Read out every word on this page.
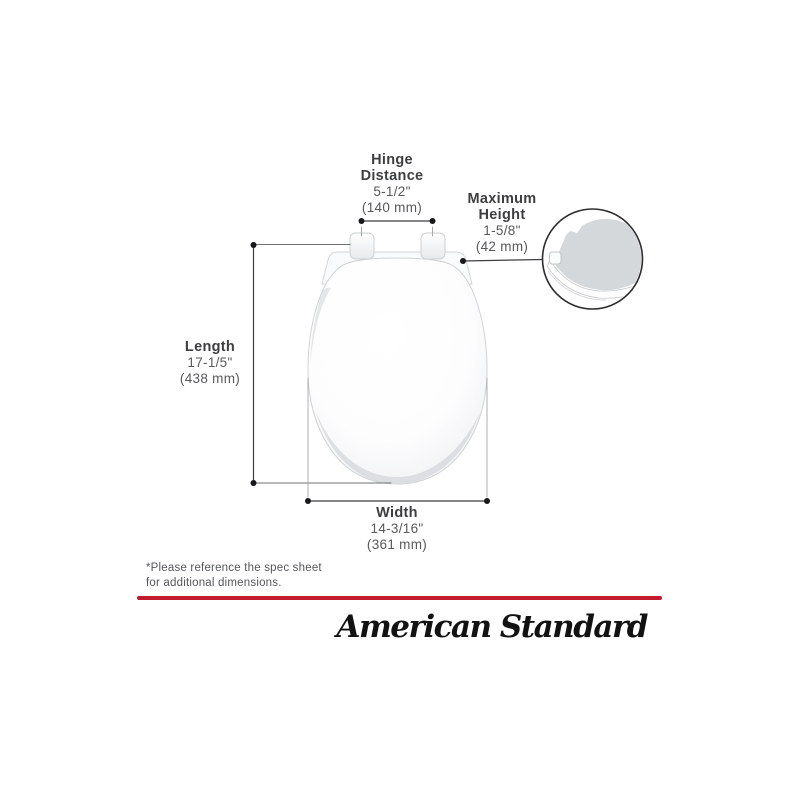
Hinge
Distance
5-1/2"
(140 mm)
Maximum
Height
1-5/8"
(42 mm)
Length
17-1/5"
(438 mm)
Width
14-3/16"
(361 mm)
*Please reference the spec sheet
for additional dimensions.
American Standard
